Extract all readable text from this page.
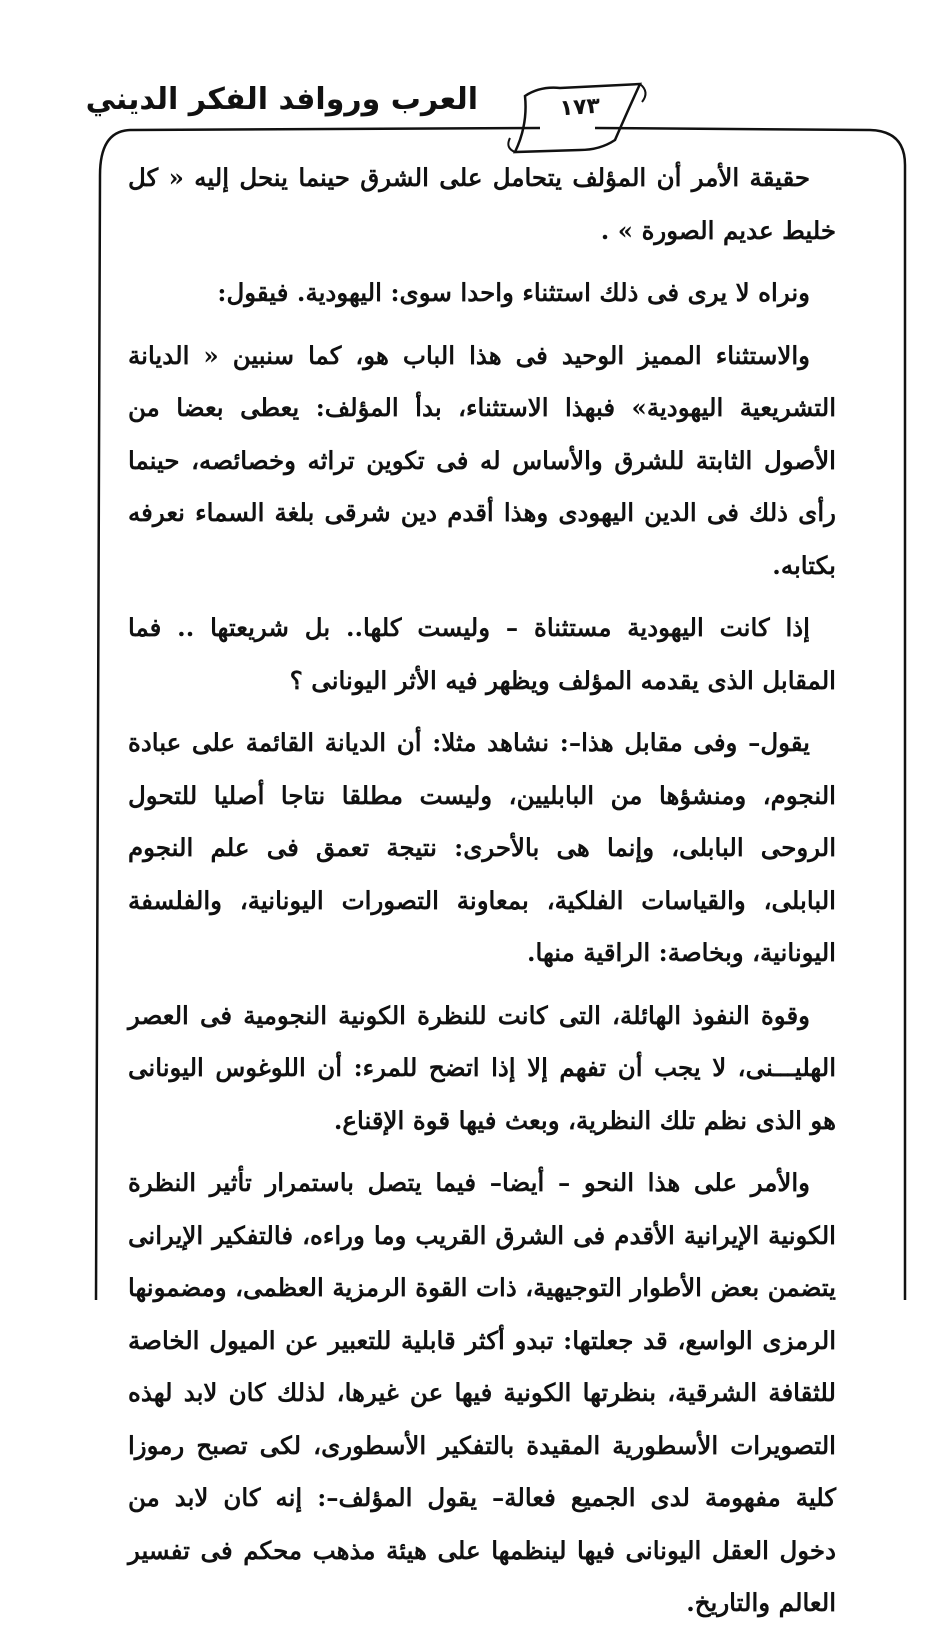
العرب وروافد الفكر الديني	١٧٣

حقيقة الأمر أن المؤلف يتحامل على الشرق حينما ينحل إليه « كل خليط عديم الصورة » .

ونراه لا يرى فى ذلك استثناء واحدا سوى: اليهودية. فيقول:

والاستثناء المميز الوحيد فى هذا الباب هو، كما سنبين « الديانة التشريعية اليهودية» فبهذا الاستثناء، بدأ المؤلف: يعطى بعضا من الأصول الثابتة للشرق والأساس له فى تكوين تراثه وخصائصه، حينما رأى ذلك فى الدين اليهودى وهذا أقدم دين شرقى بلغة السماء نعرفه بكتابه.

إذا كانت اليهودية مستثناة – وليست كلها.. بل شريعتها .. فما المقابل الذى يقدمه المؤلف ويظهر فيه الأثر اليونانى ؟

يقول– وفى مقابل هذا–: نشاهد مثلا: أن الديانة القائمة على عبادة النجوم، ومنشؤها من البابليين، وليست مطلقا نتاجا أصليا للتحول الروحى البابلى، وإنما هى بالأحرى: نتيجة تعمق فى علم النجوم البابلى، والقياسات الفلكية، بمعاونة التصورات اليونانية، والفلسفة اليونانية، وبخاصة: الراقية منها.

وقوة النفوذ الهائلة، التى كانت للنظرة الكونية النجومية فى العصر الهليـــنى، لا يجب أن تفهم إلا إذا اتضح للمرء: أن اللوغوس اليونانى هو الذى نظم تلك النظرية، وبعث فيها قوة الإقناع.

والأمر على هذا النحو – أيضا– فيما يتصل باستمرار تأثير النظرة الكونية الإيرانية الأقدم فى الشرق القريب وما وراءه، فالتفكير الإيرانى يتضمن بعض الأطوار التوجيهية، ذات القوة الرمزية العظمى، ومضمونها الرمزى الواسع، قد جعلتها: تبدو أكثر قابلية للتعبير عن الميول الخاصة للثقافة الشرقية، بنظرتها الكونية فيها عن غيرها، لذلك كان لابد لهذه التصويرات الأسطورية المقيدة بالتفكير الأسطورى، لكى تصبح رموزا كلية مفهومة لدى الجميع فعالة– يقول المؤلف–: إنه كان لابد من دخول العقل اليونانى فيها لينظمها على هيئة مذهب محكم فى تفسير العالم والتاريخ.
